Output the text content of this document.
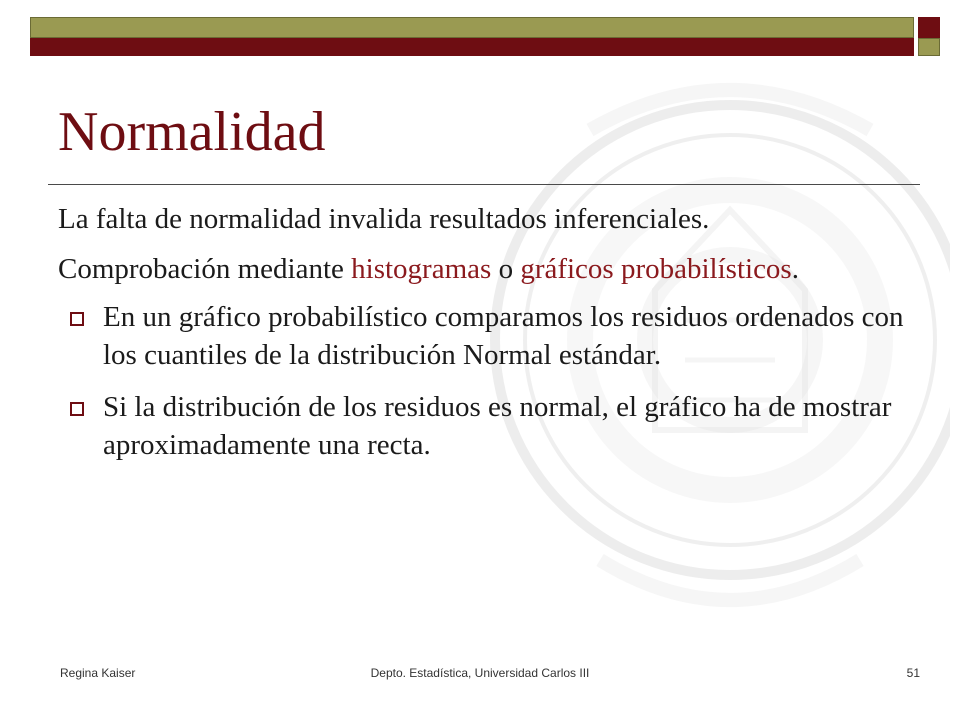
Normalidad

La falta de normalidad invalida resultados inferenciales.

Comprobación mediante histogramas o gráficos probabilísticos.

En un gráfico probabilístico comparamos los residuos ordenados con los cuantiles de la distribución Normal estándar.
Si la distribución de los residuos es normal, el gráfico ha de mostrar aproximadamente una recta.
Regina Kaiser	Depto. Estadística, Universidad Carlos III	51
